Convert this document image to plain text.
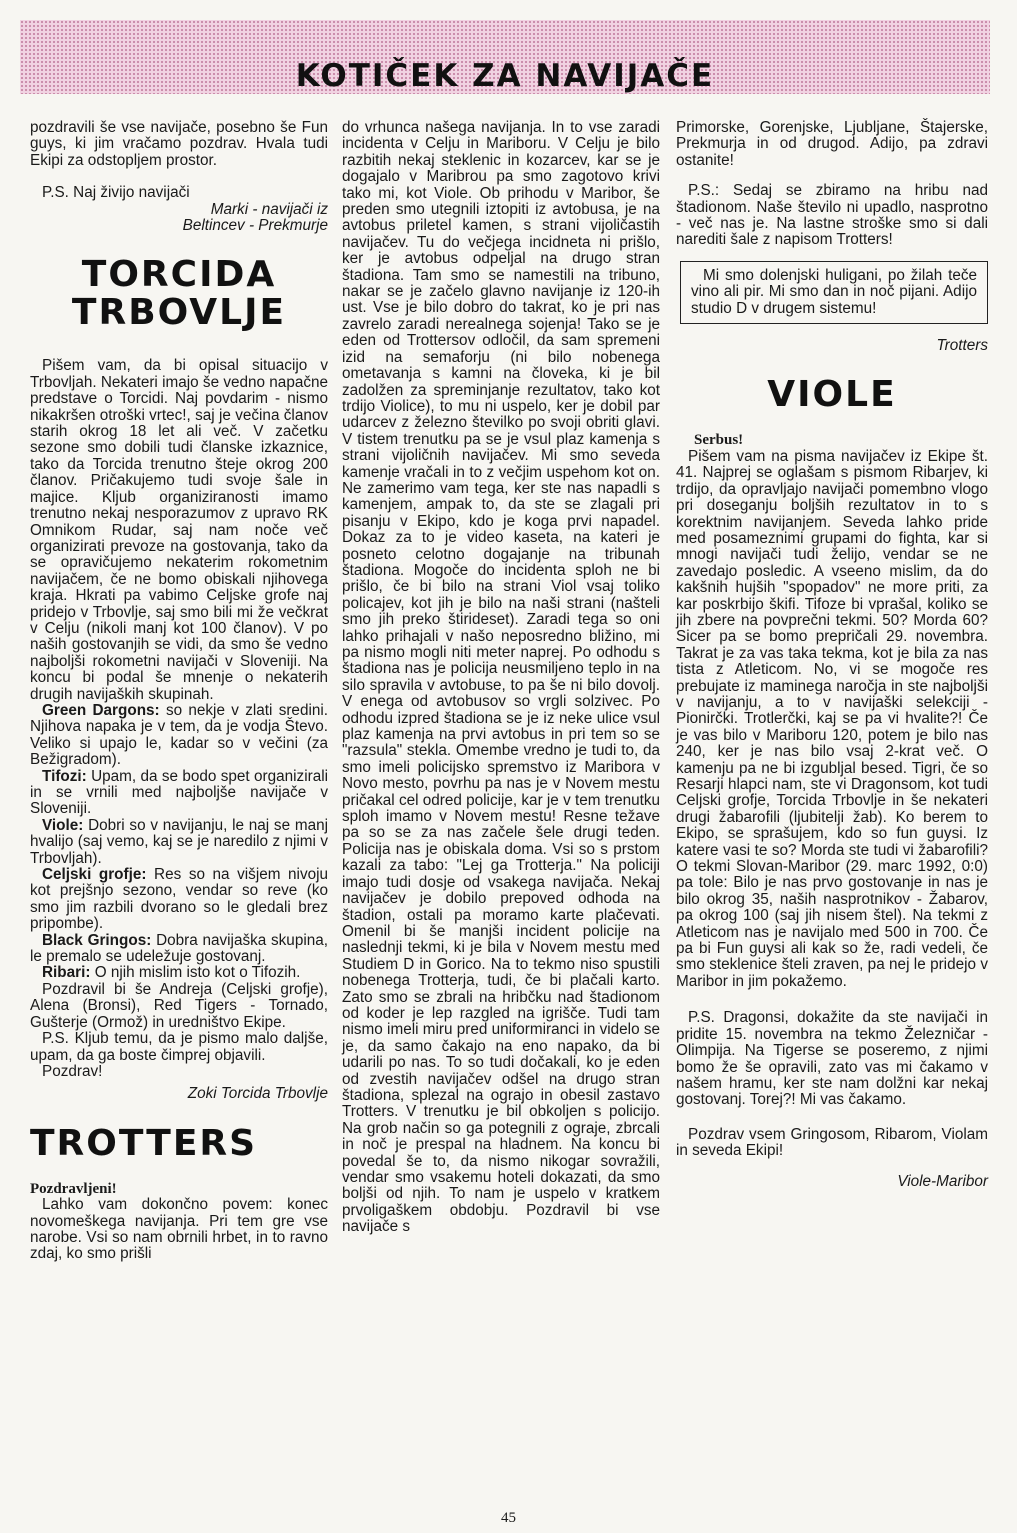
KOTIČEK ZA NAVIJAČE

pozdravili še vse navijače, posebno še Fun guys, ki jim vračamo pozdrav. Hvala tudi Ekipi za odstopljem prostor.

P.S. Naj živijo navijači

Marki - navijači iz

Beltincev - Prekmurje

TORCIDA
TRBOVLJE

Pišem vam, da bi opisal situacijo v Trbovljah. Nekateri imajo še vedno napačne predstave o Torcidi. Naj povdarim - nismo nikakršen otroški vrtec!, saj je večina članov starih okrog 18 let ali več. V začetku sezone smo dobili tudi članske izkaznice, tako da Torcida trenutno šteje okrog 200 članov. Pričakujemo tudi svoje šale in majice. Kljub organiziranosti imamo trenutno nekaj nesporazumov z upravo RK Omnikom Rudar, saj nam noče več organizirati prevoze na gostovanja, tako da se opravičujemo nekaterim rokometnim navijačem, če ne bomo obiskali njihovega kraja. Hkrati pa vabimo Celjske grofe naj pridejo v Trbovlje, saj smo bili mi že večkrat v Celju (nikoli manj kot 100 članov). V po naših gostovanjih se vidi, da smo še vedno najboljši rokometni navijači v Sloveniji. Na koncu bi podal še mnenje o nekaterih drugih navijaških skupinah.

Green Dargons: so nekje v zlati sredini. Njihova napaka je v tem, da je vodja Števo. Veliko si upajo le, kadar so v večini (za Bežigradom).

Tifozi: Upam, da se bodo spet organizirali in se vrnili med najboljše navijače v Sloveniji.

Viole: Dobri so v navijanju, le naj se manj hvalijo (saj vemo, kaj se je naredilo z njimi v Trbovljah).

Celjski grofje: Res so na višjem nivoju kot prejšnjo sezono, vendar so reve (ko smo jim razbili dvorano so le gledali brez pripombe).

Black Gringos: Dobra navijaška skupina, le premalo se udeležuje gostovanj.

Ribari: O njih mislim isto kot o Tifozih.

Pozdravil bi še Andreja (Celjski grofje), Alena (Bronsi), Red Tigers - Tornado, Gušterje (Ormož) in uredništvo Ekipe.

P.S. Kljub temu, da je pismo malo daljše, upam, da ga boste čimprej objavili.

Pozdrav!

Zoki Torcida Trbovlje

TROTTERS

Pozdravljeni!

Lahko vam dokončno povem: konec novomeškega navijanja. Pri tem gre vse narobe. Vsi so nam obrnili hrbet, in to ravno zdaj, ko smo prišli

do vrhunca našega navijanja. In to vse zaradi incidenta v Celju in Mariboru. V Celju je bilo razbitih nekaj steklenic in kozarcev, kar se je dogajalo v Maribrou pa smo zagotovo krivi tako mi, kot Viole. Ob prihodu v Maribor, še preden smo utegnili iztopiti iz avtobusa, je na avtobus priletel kamen, s strani vijoličastih navijačev. Tu do večjega incidneta ni prišlo, ker je avtobus odpeljal na drugo stran štadiona. Tam smo se namestili na tribuno, nakar se je začelo glavno navijanje iz 120-ih ust. Vse je bilo dobro do takrat, ko je pri nas zavrelo zaradi nerealnega sojenja! Tako se je eden od Trottersov odločil, da sam spremeni izid na semaforju (ni bilo nobenega ometavanja s kamni na človeka, ki je bil zadolžen za spreminjanje rezultatov, tako kot trdijo Violice), to mu ni uspelo, ker je dobil par udarcev z železno številko po svoji obriti glavi. V tistem trenutku pa se je vsul plaz kamenja s strani vijoličnih navijačev. Mi smo seveda kamenje vračali in to z večjim uspehom kot on. Ne zamerimo vam tega, ker ste nas napadli s kamenjem, ampak to, da ste se zlagali pri pisanju v Ekipo, kdo je koga prvi napadel. Dokaz za to je video kaseta, na kateri je posneto celotno dogajanje na tribunah štadiona. Mogoče do incidenta sploh ne bi prišlo, če bi bilo na strani Viol vsaj toliko policajev, kot jih je bilo na naši strani (našteli smo jih preko štirideset). Zaradi tega so oni lahko prihajali v našo neposredno bližino, mi pa nismo mogli niti meter naprej. Po odhodu s štadiona nas je policija neusmiljeno teplo in na silo spravila v avtobuse, to pa še ni bilo dovolj. V enega od avtobusov so vrgli solzivec. Po odhodu izpred štadiona se je iz neke ulice vsul plaz kamenja na prvi avtobus in pri tem so se "razsula" stekla. Omembe vredno je tudi to, da smo imeli policijsko spremstvo iz Maribora v Novo mesto, povrhu pa nas je v Novem mestu pričakal cel odred policije, kar je v tem trenutku sploh imamo v Novem mestu! Resne težave pa so se za nas začele šele drugi teden. Policija nas je obiskala doma. Vsi so s prstom kazali za tabo: "Lej ga Trotterja." Na policiji imajo tudi dosje od vsakega navijača. Nekaj navijačev je dobilo prepoved odhoda na štadion, ostali pa moramo karte plačevati. Omenil bi še manjši incident policije na naslednji tekmi, ki je bila v Novem mestu med Studiem D in Gorico. Na to tekmo niso spustili nobenega Trotterja, tudi, če bi plačali karto. Zato smo se zbrali na hribčku nad štadionom od koder je lep razgled na igrišče. Tudi tam nismo imeli miru pred uniformiranci in videlo se je, da samo čakajo na eno napako, da bi udarili po nas. To so tudi dočakali, ko je eden od zvestih navijačev odšel na drugo stran štadiona, splezal na ograjo in obesil zastavo Trotters. V trenutku je bil obkoljen s policijo. Na grob način so ga potegnili z ograje, zbrcali in noč je prespal na hladnem. Na koncu bi povedal še to, da nismo nikogar sovražili, vendar smo vsakemu hoteli dokazati, da smo boljši od njih. To nam je uspelo v kratkem prvoligaškem obdobju. Pozdravil bi vse navijače s

Primorske, Gorenjske, Ljubljane, Štajerske, Prekmurja in od drugod. Adijo, pa zdravi ostanite!

P.S.: Sedaj se zbiramo na hribu nad štadionom. Naše število ni upadlo, nasprotno - več nas je. Na lastne stroške smo si dali narediti šale z napisom Trotters!

Mi smo dolenjski huligani, po žilah teče vino ali pir. Mi smo dan in noč pijani. Adijo studio D v drugem sistemu!

Trotters

VIOLE

Serbus!

Pišem vam na pisma navijačev iz Ekipe št. 41. Najprej se oglašam s pismom Ribarjev, ki trdijo, da opravljajo navijači pomembno vlogo pri doseganju boljših rezultatov in to s korektnim navijanjem. Seveda lahko pride med posameznimi grupami do fighta, kar si mnogi navijači tudi želijo, vendar se ne zavedajo posledic. A vseeno mislim, da do kakšnih hujših "spopadov" ne more priti, za kar poskrbijo škifi. Tifoze bi vprašal, koliko se jih zbere na povprečni tekmi. 50? Morda 60? Sicer pa se bomo prepričali 29. novembra. Takrat je za vas taka tekma, kot je bila za nas tista z Atleticom. No, vi se mogoče res prebujate iz maminega naročja in ste najboljši v navijanju, a to v navijaški selekciji - Pionirčki. Trotlerčki, kaj se pa vi hvalite?! Če je vas bilo v Mariboru 120, potem je bilo nas 240, ker je nas bilo vsaj 2-krat več. O kamenju pa ne bi izgubljal besed. Tigri, če so Resarji hlapci nam, ste vi Dragonsom, kot tudi Celjski grofje, Torcida Trbovlje in še nekateri drugi žabarofili (ljubitelji žab). Ko berem to Ekipo, se sprašujem, kdo so fun guysi. Iz katere vasi te so? Morda ste tudi vi žabarofili? O tekmi Slovan-Maribor (29. marc 1992, 0:0) pa tole: Bilo je nas prvo gostovanje in nas je bilo okrog 35, naših nasprotnikov - Žabarov, pa okrog 100 (saj jih nisem štel). Na tekmi z Atleticom nas je navijalo med 500 in 700. Če pa bi Fun guysi ali kak so že, radi vedeli, če smo steklenice šteli zraven, pa nej le pridejo v Maribor in jim pokažemo.

P.S. Dragonsi, dokažite da ste navijači in pridite 15. novembra na tekmo Železničar - Olimpija. Na Tigerse se poseremo, z njimi bomo že še opravili, zato vas mi čakamo v našem hramu, ker ste nam dolžni kar nekaj gostovanj. Torej?! Mi vas čakamo.

Pozdrav vsem Gringosom, Ribarom, Violam in seveda Ekipi!

Viole-Maribor

45
